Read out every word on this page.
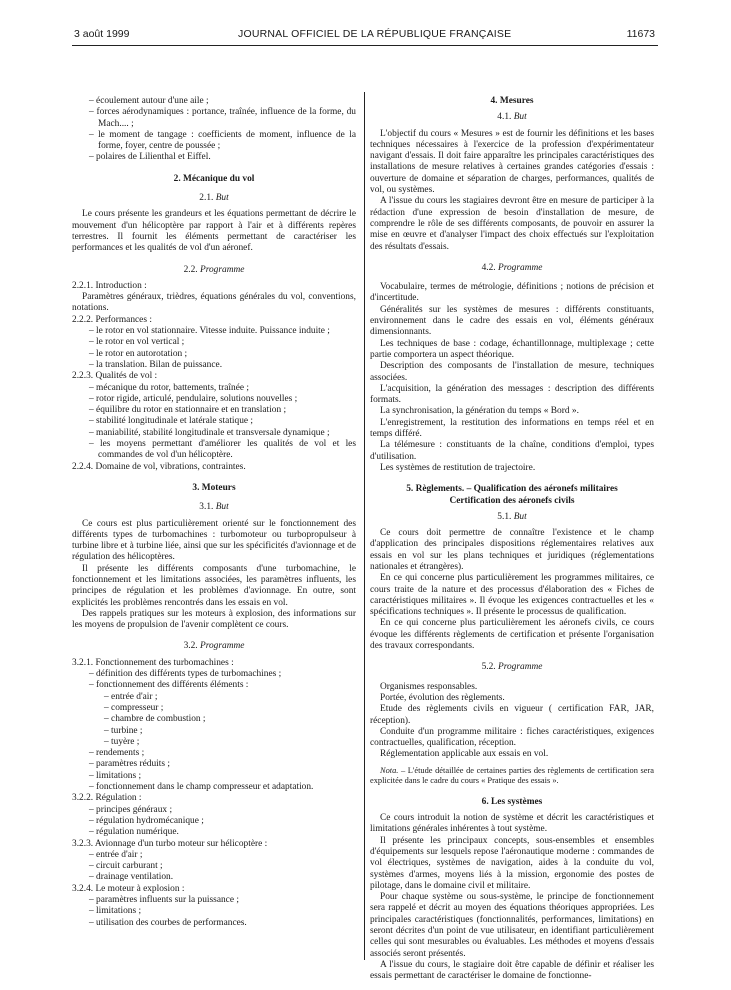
3 août 1999	JOURNAL OFFICIEL DE LA RÉPUBLIQUE FRANÇAISE	11673

– écoulement autour d'une aile ;

– forces aérodynamiques : portance, traînée, influence de la forme, du Mach.... ;

– le moment de tangage : coefficients de moment, influence de la forme, foyer, centre de poussée ;

– polaires de Lilienthal et Eiffel.

2. Mécanique du vol

2.1. But

Le cours présente les grandeurs et les équations permettant de décrire le mouvement d'un hélicoptère par rapport à l'air et à différents repères terrestres. Il fournit les éléments permettant de caractériser les performances et les qualités de vol d'un aéronef.

2.2. Programme

2.2.1. Introduction :

Paramètres généraux, trièdres, équations générales du vol, conventions, notations.

2.2.2. Performances :

– le rotor en vol stationnaire. Vitesse induite. Puissance induite ;

– le rotor en vol vertical ;

– le rotor en autorotation ;

– la translation. Bilan de puissance.

2.2.3. Qualités de vol :

– mécanique du rotor, battements, traînée ;

– rotor rigide, articulé, pendulaire, solutions nouvelles ;

– équilibre du rotor en stationnaire et en translation ;

– stabilité longitudinale et latérale statique ;

– maniabilité, stabilité longitudinale et transversale dynamique ;

– les moyens permettant d'améliorer les qualités de vol et les commandes de vol d'un hélicoptère.

2.2.4. Domaine de vol, vibrations, contraintes.

3. Moteurs

3.1. But

Ce cours est plus particulièrement orienté sur le fonctionnement des différents types de turbomachines : turbomoteur ou turbopropulseur à turbine libre et à turbine liée, ainsi que sur les spécificités d'avionnage et de régulation des hélicoptères.

Il présente les différents composants d'une turbomachine, le fonctionnement et les limitations associées, les paramètres influents, les principes de régulation et les problèmes d'avionnage. En outre, sont explicités les problèmes rencontrés dans les essais en vol.

Des rappels pratiques sur les moteurs à explosion, des informations sur les moyens de propulsion de l'avenir complètent ce cours.

3.2. Programme

3.2.1. Fonctionnement des turbomachines :

– définition des différents types de turbomachines ;

– fonctionnement des différents éléments :

– entrée d'air ;

– compresseur ;

– chambre de combustion ;

– turbine ;

– tuyère ;

– rendements ;

– paramètres réduits ;

– limitations ;

– fonctionnement dans le champ compresseur et adaptation.

3.2.2. Régulation :

– principes généraux ;

– régulation hydromécanique ;

– régulation numérique.

3.2.3. Avionnage d'un turbo moteur sur hélicoptère :

– entrée d'air ;

– circuit carburant ;

– drainage ventilation.

3.2.4. Le moteur à explosion :

– paramètres influents sur la puissance ;

– limitations ;

– utilisation des courbes de performances.

4. Mesures

4.1. But

L'objectif du cours « Mesures » est de fournir les définitions et les bases techniques nécessaires à l'exercice de la profession d'expérimentateur navigant d'essais. Il doit faire apparaître les principales caractéristiques des installations de mesure relatives à certaines grandes catégories d'essais : ouverture de domaine et séparation de charges, performances, qualités de vol, ou systèmes.

A l'issue du cours les stagiaires devront être en mesure de participer à la rédaction d'une expression de besoin d'installation de mesure, de comprendre le rôle de ses différents composants, de pouvoir en assurer la mise en œuvre et d'analyser l'impact des choix effectués sur l'exploitation des résultats d'essais.

4.2. Programme

Vocabulaire, termes de métrologie, définitions ; notions de précision et d'incertitude.

Généralités sur les systèmes de mesures : différents constituants, environnement dans le cadre des essais en vol, éléments généraux dimensionnants.

Les techniques de base : codage, échantillonnage, multiplexage ; cette partie comportera un aspect théorique.

Description des composants de l'installation de mesure, techniques associées.

L'acquisition, la génération des messages : description des différents formats.

La synchronisation, la génération du temps « Bord ».

L'enregistrement, la restitution des informations en temps réel et en temps différé.

La télémesure : constituants de la chaîne, conditions d'emploi, types d'utilisation.

Les systèmes de restitution de trajectoire.

5. Règlements. – Qualification des aéronefs militaires

Certification des aéronefs civils

5.1. But

Ce cours doit permettre de connaître l'existence et le champ d'application des principales dispositions réglementaires relatives aux essais en vol sur les plans techniques et juridiques (réglementations nationales et étrangères).

En ce qui concerne plus particulièrement les programmes militaires, ce cours traite de la nature et des processus d'élaboration des « Fiches de caractéristiques militaires ». Il évoque les exigences contractuelles et les « spécifications techniques ». Il présente le processus de qualification.

En ce qui concerne plus particulièrement les aéronefs civils, ce cours évoque les différents règlements de certification et présente l'organisation des travaux correspondants.

5.2. Programme

Organismes responsables.

Portée, évolution des règlements.

Etude des règlements civils en vigueur ( certification FAR, JAR, réception).

Conduite d'un programme militaire : fiches caractéristiques, exigences contractuelles, qualification, réception.

Réglementation applicable aux essais en vol.

Nota. – L'étude détaillée de certaines parties des règlements de certification sera explicitée dans le cadre du cours « Pratique des essais ».

6. Les systèmes

Ce cours introduit la notion de système et décrit les caractéristiques et limitations générales inhérentes à tout système.

Il présente les principaux concepts, sous-ensembles et ensembles d'équipements sur lesquels repose l'aéronautique moderne : commandes de vol électriques, systèmes de navigation, aides à la conduite du vol, systèmes d'armes, moyens liés à la mission, ergonomie des postes de pilotage, dans le domaine civil et militaire.

Pour chaque système ou sous-système, le principe de fonctionnement sera rappelé et décrit au moyen des équations théoriques appropriées. Les principales caractéristiques (fonctionnalités, performances, limitations) en seront décrites d'un point de vue utilisateur, en identifiant particulièrement celles qui sont mesurables ou évaluables. Les méthodes et moyens d'essais associés seront présentés.

A l'issue du cours, le stagiaire doit être capable de définir et réaliser les essais permettant de caractériser le domaine de fonctionne-
